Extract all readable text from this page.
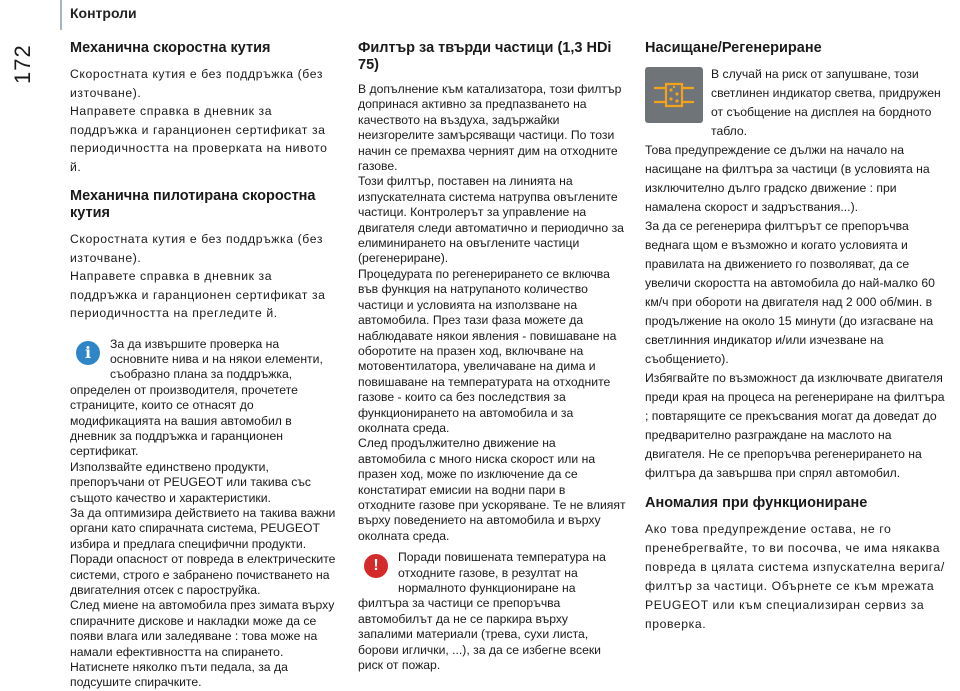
172
Контроли
Механична скоростна кутия

Скоростната кутия е без поддръжка (без източване).

Направете справка в дневник за поддръжка и гаранционен сертификат за периодичността на проверката на нивото й.

Механична пилотирана скоростна кутия

Скоростната кутия е без поддръжка (без източване).

Направете справка в дневник за поддръжка и гаранционен сертификат за периодичността на прегледите й.

i	За да извършите проверка на основните нива и на някои елементи, съобразно плана за поддръжка, определен от производителя, прочетете страниците, които се отнасят до модификацията на вашия автомобил в дневник за поддръжка и гаранционен сертификат.

Използвайте единствено продукти, препоръчани от PEUGEOT или такива със същото качество и характеристики.

За да оптимизира действието на такива важни органи като спирачната система, PEUGEOT избира и предлага специфични продукти.

Поради опасност от повреда в електрическите системи, строго е забранено почистването на двигателния отсек с пароструйка.

След миене на автомобила през зимата върху спирачните дискове и накладки може да се появи влага или заледяване : това може на намали ефективността на спирането. Натиснете няколко пъти педала, за да подсушите спирачките.

Филтър за твърди частици (1,3 HDi 75)

В допълнение към катализатора, този филтър допринася активно за предпазването на качеството на въздуха, задържайки неизгорелите замърсяващи частици. По този начин се премахва черният дим на отходните газове.

Този филтър, поставен на линията на изпускателната система натрупва овъглените частици. Контролерът за управление на двигателя следи автоматично и периодично за елиминирането на овъглените частици (регенериране).

Процедурата по регенерирането се включва във функция на натрупаното количество частици и условията на използване на автомобила. През тази фаза можете да наблюдавате някои явления - повишаване на оборотите на празен ход, включване на мотовентилатора, увеличаване на дима и повишаване на температурата на отходните газове - които са без последствия за функционирането на автомобила и за околната среда.

След продължително движение на автомобила с много ниска скорост или на празен ход, може по изключение да се констатират емисии на водни пари в отходните газове при ускоряване. Те не влияят върху поведението на автомобила и върху околната среда.

!

Поради повишената температура на отходните газове, в резултат на нормалното функциониране на филтъра за частици се препоръчва автомобилът да не се паркира върху запалими материали (трева, сухи листа, борови иглички, ...), за да се избегне всеки риск от пожар.

Насищане/Регенериране

В случай на риск от запушване, този светлинен индикатор светва, придружен от съобщение на дисплея на бордното табло.

Това предупреждение се дължи на начало на насищане на филтъра за частици (в условията на изключително дълго градско движение : при намалена скорост и задръствания...).

За да се регенерира филтърът се препоръчва веднага щом е възможно и когато условията и правилата на движението го позволяват, да се увеличи скоростта на автомобила до най-малко 60 км/ч при обороти на двигателя над 2 000 об/мин. в продължение на около 15 минути (до изгасване на светлинния индикатор и/или изчезване на съобщението).

Избягвайте по възможност да изключвате двигателя преди края на процеса на регенериране на филтъра ; повтарящите се прекъсвания могат да доведат до предварително разграждане на маслото на двигателя. Не се препоръчва регенерирането на филтъра да завършва при спрял автомобил.

Аномалия при функциониране

Ако това предупреждение остава, не го пренебрегвайте, то ви посочва, че има някаква повреда в цялата система изпускателна верига/филтър за частици. Обърнете се към мрежата PEUGEOT или към специализиран сервиз за проверка.
